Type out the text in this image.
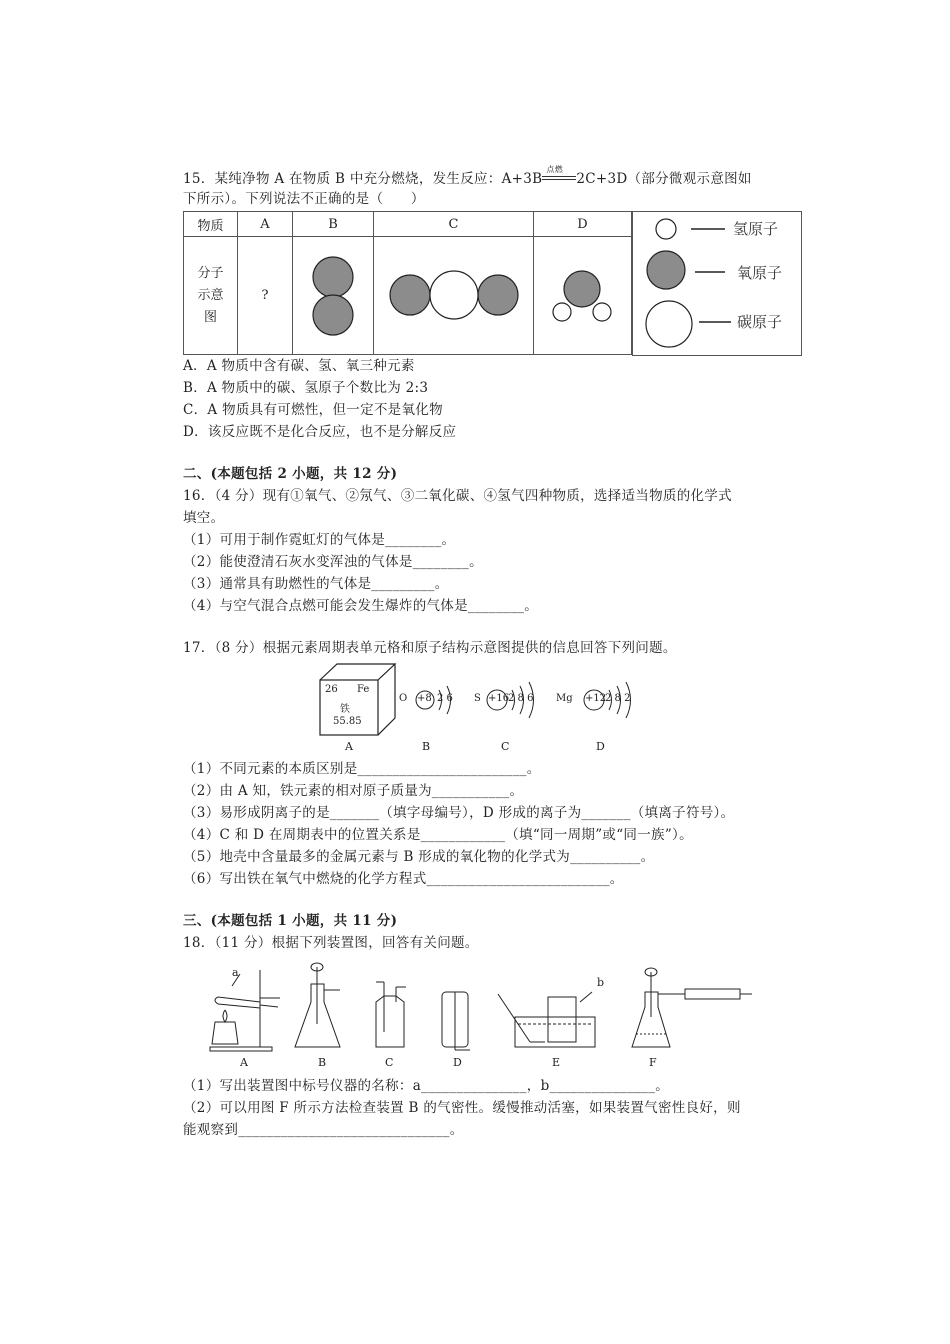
15．某纯净物 A 在物质 B 中充分燃烧，发生反应：A+3B
点燃
2C+3D（部分微观示意图如
下所示）。下列说法不正确的是（　　）
物质	A	B	C	D

分子
示意
图	?	

氢原子
氧原子
碳原子
A．A 物质中含有碳、氢、氧三种元素
B．A 物质中的碳、氢原子个数比为 2:3
C．A 物质具有可燃性，但一定不是氧化物
D．该反应既不是化合反应，也不是分解反应
二、(本题包括 2 小题，共 12 分)
16．（4 分）现有①氧气、②氖气、③二氧化碳、④氢气四种物质，选择适当物质的化学式
填空。
（1）可用于制作霓虹灯的气体是________。
（2）能使澄清石灰水变浑浊的气体是________。
（3）通常具有助燃性的气体是_________。
（4）与空气混合点燃可能会发生爆炸的气体是________。
17．（8 分）根据元素周期表单元格和原子结构示意图提供的信息回答下列问题。
26 Fe
铁
55.85
O +8 2 6 S +16
2 8 6 Mg +12
2 8 2
A	B	C	D
（1）不同元素的本质区别是________________________。
（2）由 A 知，铁元素的相对原子质量为___________。
（3）易形成阴离子的是_______（填字母编号），D 形成的离子为_______（填离子符号）。
（4）C 和 D 在周期表中的位置关系是____________（填“同一周期”或“同一族”）。
（5）地壳中含量最多的金属元素与 B 形成的氧化物的化学式为__________。
（6）写出铁在氧气中燃烧的化学方程式__________________________。
三、(本题包括 1 小题，共 11 分)
18．（11 分）根据下列装置图，回答有关问题。
a
b
A	B	C	D	E	F
（1）写出装置图中标号仪器的名称：a_______________，b_______________。
（2）可以用图 F 所示方法检查装置 B 的气密性。缓慢推动活塞，如果装置气密性良好，则
能观察到______________________________。
